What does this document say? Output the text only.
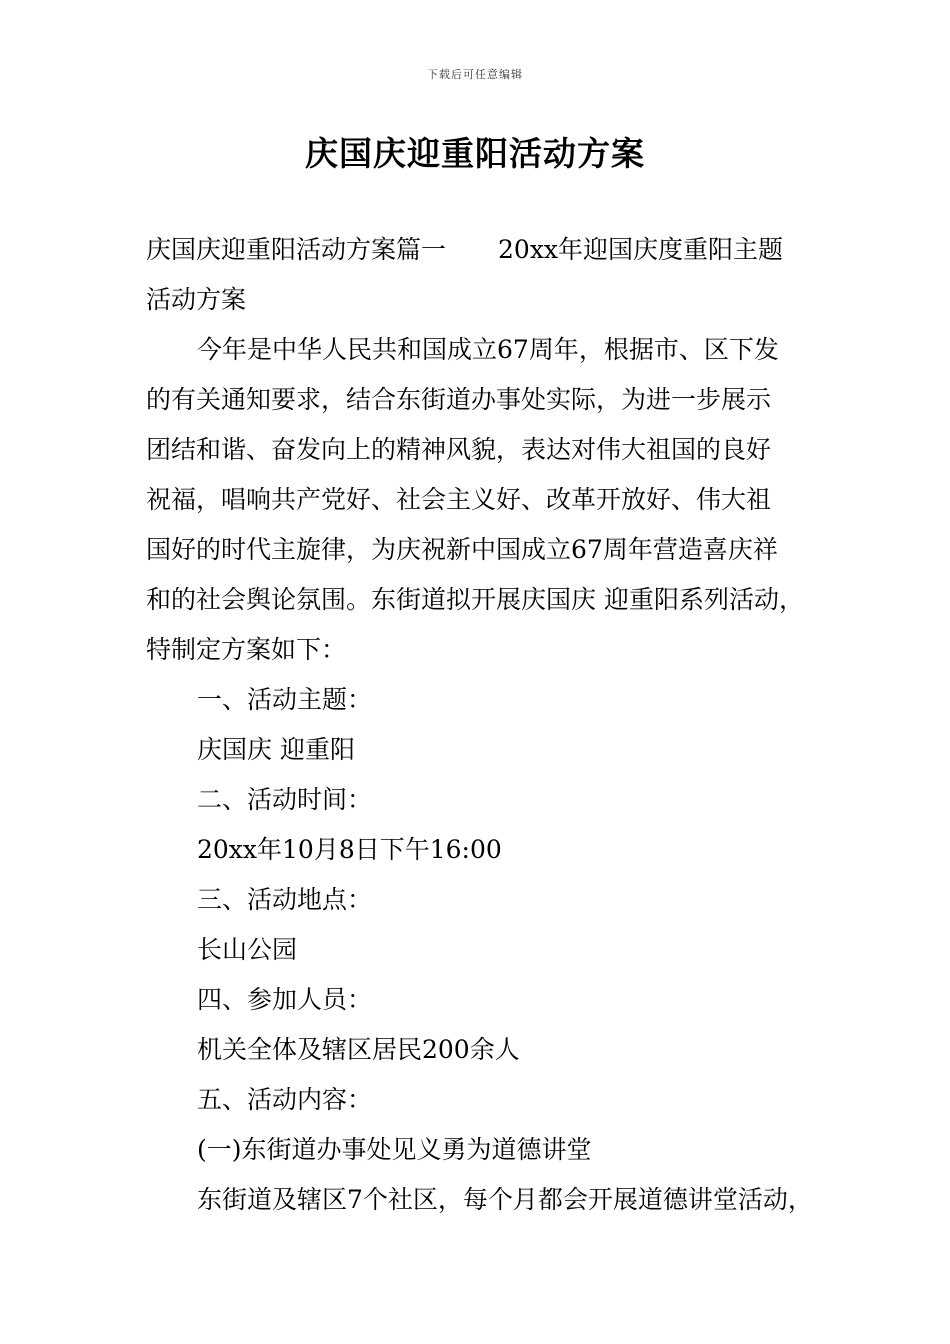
下载后可任意编辑
庆国庆迎重阳活动方案
庆国庆迎重阳活动方案篇一 20xx年迎国庆度重阳主题
活动方案
今年是中华人民共和国成立67周年，根据市、区下发
的有关通知要求，结合东街道办事处实际，为进一步展示
团结和谐、奋发向上的精神风貌，表达对伟大祖国的良好
祝福，唱响共产党好、社会主义好、改革开放好、伟大祖
国好的时代主旋律，为庆祝新中国成立67周年营造喜庆祥
和的社会舆论氛围。东街道拟开展庆国庆 迎重阳系列活动，
特制定方案如下：
一、活动主题：
庆国庆 迎重阳
二、活动时间：
20xx年10月8日下午16:00
三、活动地点：
长山公园
四、参加人员：
机关全体及辖区居民200余人
五、活动内容：
(一)东街道办事处见义勇为道德讲堂
东街道及辖区7个社区，每个月都会开展道德讲堂活动，
